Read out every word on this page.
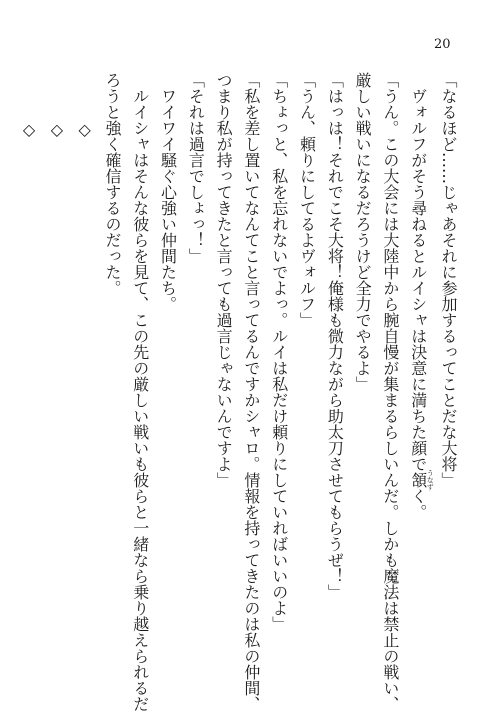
20
「なるほど……じゃあそれに参加するってことだな大将」
ヴォルフがそう尋ねるとルイシャは決意に満ちた顔で頷うなずく。
「うん。この大会には大陸中から腕自慢が集まるらしいんだ。しかも魔法は禁止の戦い、
厳しい戦いになるだろうけど全力でやるよ」
「はっは！それでこそ大将！俺様も微力ながら助太刀させてもらうぜ！」
「うん、頼りにしてるよヴォルフ」
「ちょっと、私を忘れないでよっ。ルイは私だけ頼りにしていればいいのよ」
「私を差し置いてなんてこと言ってるんですかシャロ。情報を持ってきたのは私の仲間、
つまり私が持ってきたと言っても過言じゃないんですよ」
「それは過言でしょっ！」
ワイワイ騒ぐ心強い仲間たち。
ルイシャはそんな彼らを見て、この先の厳しい戦いも彼らと一緒なら乗り越えられるだ
ろうと強く確信するのだった。
◇
◇
◇
